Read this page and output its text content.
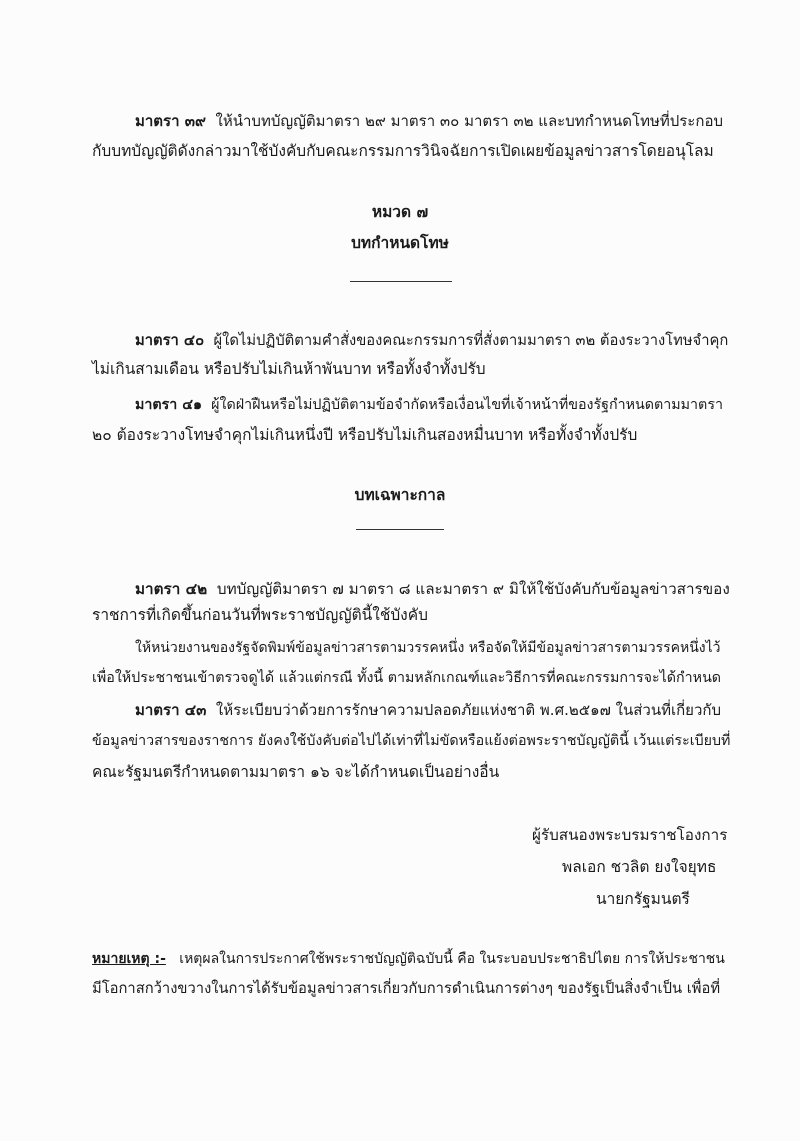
มาตรา ๓๙ ให้นำบทบัญญัติมาตรา ๒๙ มาตรา ๓๐ มาตรา ๓๒ และบทกำหนดโทษที่ประกอบ
กับบทบัญญัติดังกล่าวมาใช้บังคับกับคณะกรรมการวินิจฉัยการเปิดเผยข้อมูลข่าวสารโดยอนุโลม
หมวด ๗
บทกำหนดโทษ
มาตรา ๔๐ ผู้ใดไม่ปฏิบัติตามคำสั่งของคณะกรรมการที่สั่งตามมาตรา ๓๒ ต้องระวางโทษจำคุก
ไม่เกินสามเดือน หรือปรับไม่เกินห้าพันบาท หรือทั้งจำทั้งปรับ
มาตรา ๔๑ ผู้ใดฝ่าฝืนหรือไม่ปฏิบัติตามข้อจำกัดหรือเงื่อนไขที่เจ้าหน้าที่ของรัฐกำหนดตามมาตรา
๒๐ ต้องระวางโทษจำคุกไม่เกินหนึ่งปี หรือปรับไม่เกินสองหมื่นบาท หรือทั้งจำทั้งปรับ
บทเฉพาะกาล
มาตรา ๔๒ บทบัญญัติมาตรา ๗ มาตรา ๘ และมาตรา ๙ มิให้ใช้บังคับกับข้อมูลข่าวสารของ
ราชการที่เกิดขึ้นก่อนวันที่พระราชบัญญัตินี้ใช้บังคับ
ให้หน่วยงานของรัฐจัดพิมพ์ข้อมูลข่าวสารตามวรรคหนึ่ง หรือจัดให้มีข้อมูลข่าวสารตามวรรคหนึ่งไว้
เพื่อให้ประชาชนเข้าตรวจดูได้ แล้วแต่กรณี ทั้งนี้ ตามหลักเกณฑ์และวิธีการที่คณะกรรมการจะได้กำหนด
มาตรา ๔๓ ให้ระเบียบว่าด้วยการรักษาความปลอดภัยแห่งชาติ พ.ศ.๒๕๑๗ ในส่วนที่เกี่ยวกับ
ข้อมูลข่าวสารของราชการ ยังคงใช้บังคับต่อไปได้เท่าที่ไม่ขัดหรือแย้งต่อพระราชบัญญัตินี้ เว้นแต่ระเบียบที่
คณะรัฐมนตรีกำหนดตามมาตรา ๑๖ จะได้กำหนดเป็นอย่างอื่น
ผู้รับสนองพระบรมราชโองการ
พลเอก ชวลิต ยงใจยุทธ
นายกรัฐมนตรี
หมายเหตุ :- เหตุผลในการประกาศใช้พระราชบัญญัติฉบับนี้ คือ ในระบอบประชาธิปไตย การให้ประชาชน
มีโอกาสกว้างขวางในการได้รับข้อมูลข่าวสารเกี่ยวกับการดำเนินการต่างๆ ของรัฐเป็นสิ่งจำเป็น เพื่อที่
